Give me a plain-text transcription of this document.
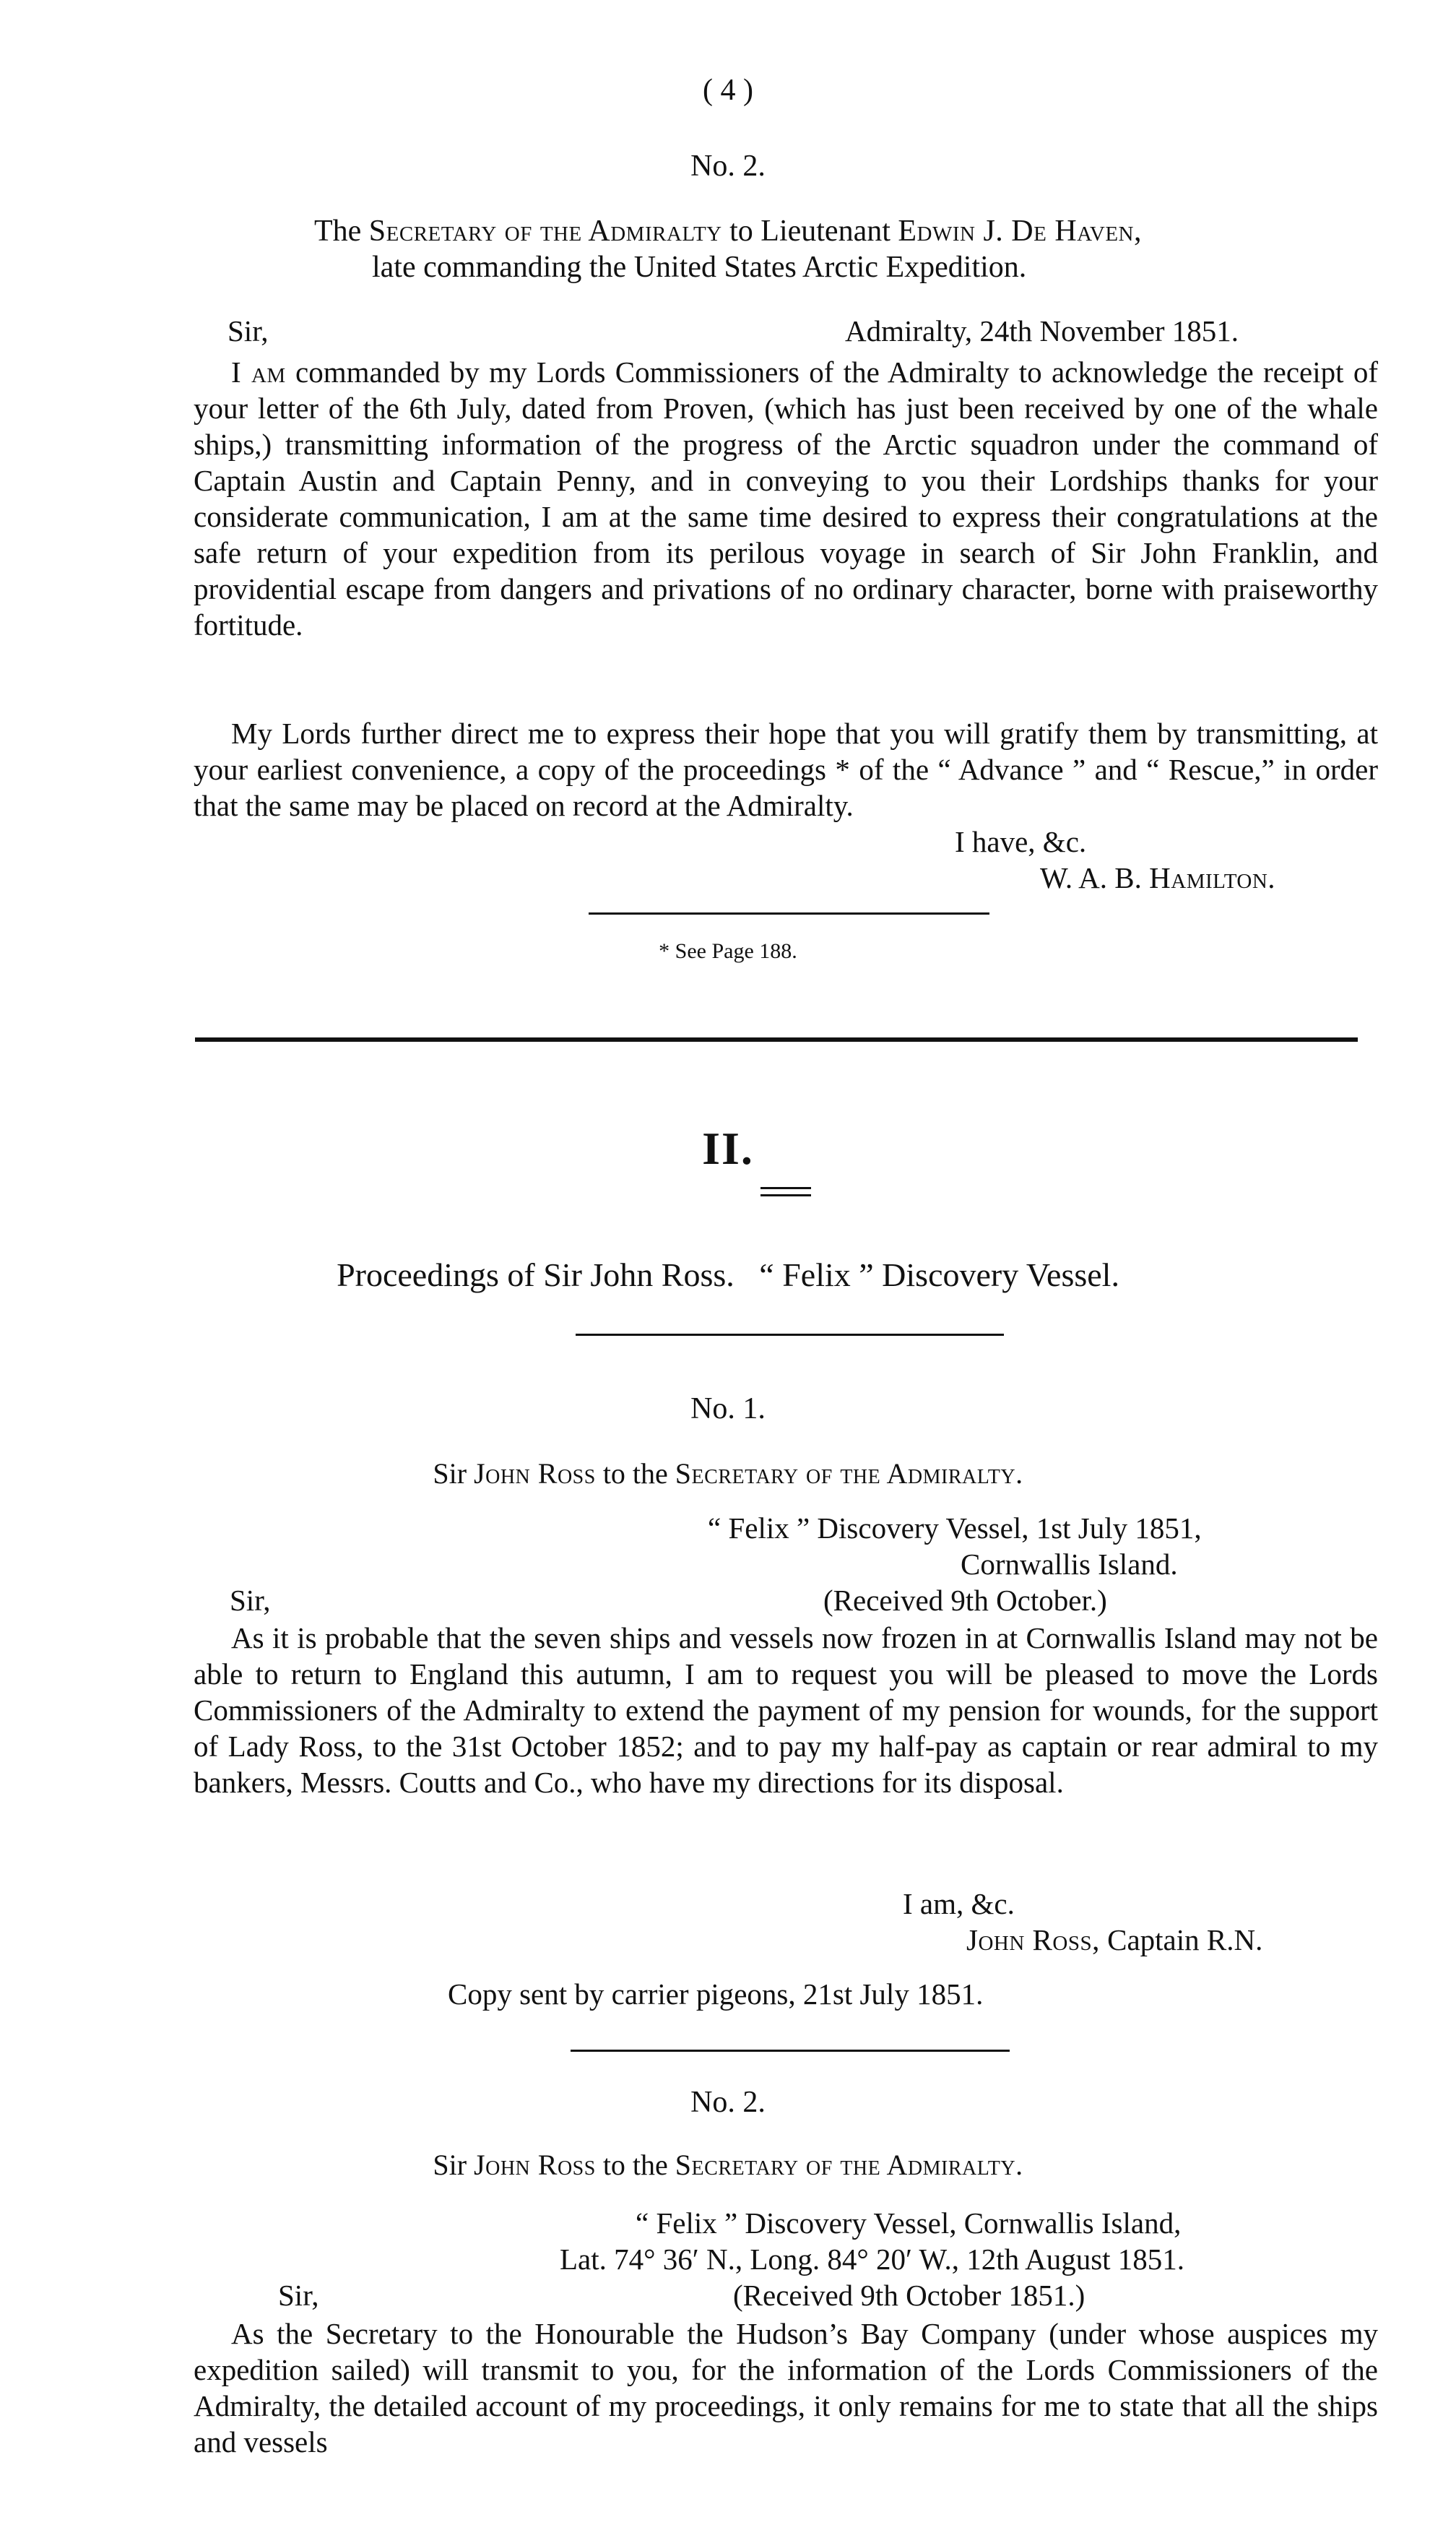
( 4 )
No. 2.
The Secretary of the Admiralty to Lieutenant Edwin J. De Haven,
late commanding the United States Arctic Expedition.
Sir,	Admiralty, 24th November 1851.
I am commanded by my Lords Commissioners of the Admiralty to acknowledge the receipt of your letter of the 6th July, dated from Proven, (which has just been received by one of the whale ships,) transmitting information of the progress of the Arctic squadron under the command of Captain Austin and Captain Penny, and in conveying to you their Lordships thanks for your considerate communication, I am at the same time desired to express their congratulations at the safe return of your expedition from its perilous voyage in search of Sir John Franklin, and providential escape from dangers and privations of no ordinary character, borne with praiseworthy fortitude.
My Lords further direct me to express their hope that you will gratify them by transmitting, at your earliest convenience, a copy of the proceedings * of the “ Advance ” and “ Rescue,” in order that the same may be placed on record at the Admiralty.
I have, &c.
W. A. B. Hamilton.
* See Page 188.
II.
Proceedings of Sir John Ross.   “ Felix ” Discovery Vessel.
No. 1.
Sir John Ross to the Secretary of the Admiralty.
“ Felix ” Discovery Vessel, 1st July 1851,
Cornwallis Island.
Sir,	(Received 9th October.)
As it is probable that the seven ships and vessels now frozen in at Cornwallis Island may not be able to return to England this autumn, I am to request you will be pleased to move the Lords Commissioners of the Admiralty to extend the payment of my pension for wounds, for the support of Lady Ross, to the 31st October 1852; and to pay my half-pay as captain or rear admiral to my bankers, Messrs. Coutts and Co., who have my directions for its disposal.
I am, &c.
John Ross, Captain R.N.
Copy sent by carrier pigeons, 21st July 1851.
No. 2.
Sir John Ross to the Secretary of the Admiralty.
“ Felix ” Discovery Vessel, Cornwallis Island,
Lat. 74° 36′ N., Long. 84° 20′ W., 12th August 1851.
Sir,	(Received 9th October 1851.)
As the Secretary to the Honourable the Hudson’s Bay Company (under whose auspices my expedition sailed) will transmit to you, for the information of the Lords Commissioners of the Admiralty, the detailed account of my proceedings, it only remains for me to state that all the ships and vessels
